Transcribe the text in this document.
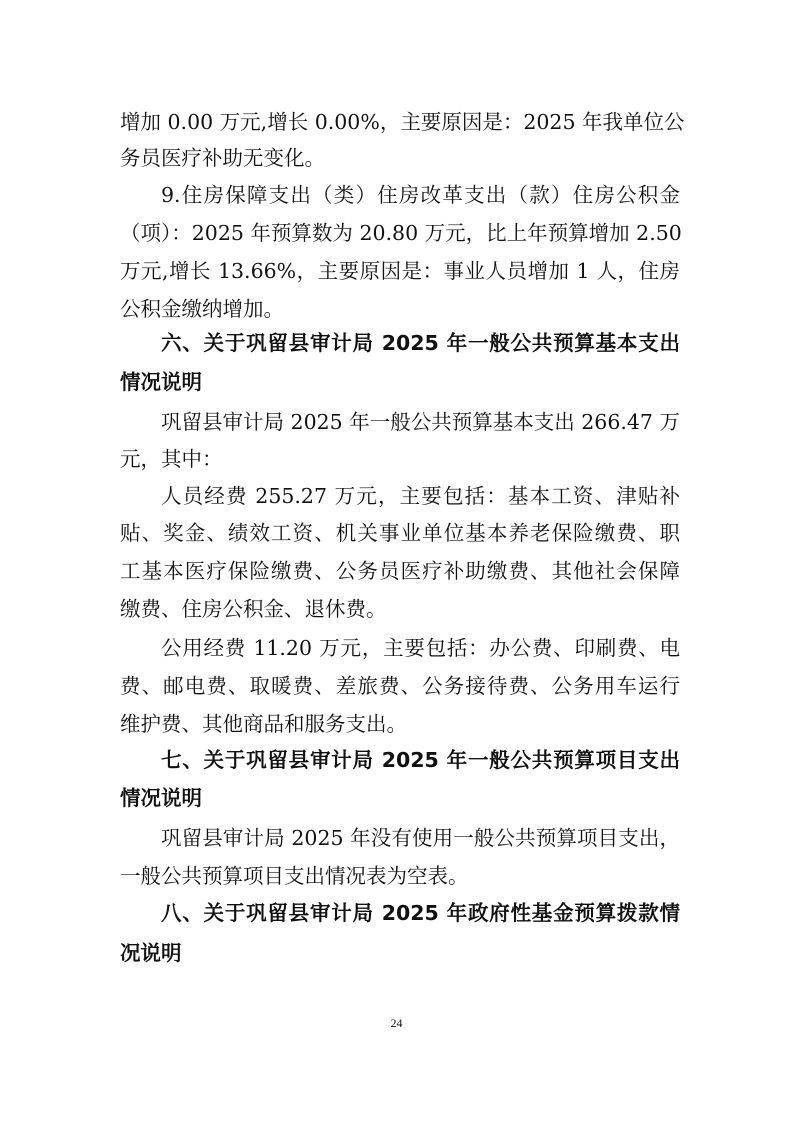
增加 0.00 万元,增长 0.00%，主要原因是：2025 年我单位公
务员医疗补助无变化。
9.住房保障支出（类）住房改革支出（款）住房公积金
（项）：2025 年预算数为 20.80 万元，比上年预算增加 2.50
万元,增长 13.66%，主要原因是：事业人员增加 1 人，住房
公积金缴纳增加。
六、关于巩留县审计局 2025 年一般公共预算基本支出
情况说明
巩留县审计局 2025 年一般公共预算基本支出 266.47 万
元，其中：
人员经费 255.27 万元，主要包括：基本工资、津贴补
贴、奖金、绩效工资、机关事业单位基本养老保险缴费、职
工基本医疗保险缴费、公务员医疗补助缴费、其他社会保障
缴费、住房公积金、退休费。
公用经费 11.20 万元，主要包括：办公费、印刷费、电
费、邮电费、取暖费、差旅费、公务接待费、公务用车运行
维护费、其他商品和服务支出。
七、关于巩留县审计局 2025 年一般公共预算项目支出
情况说明
巩留县审计局 2025 年没有使用一般公共预算项目支出，
一般公共预算项目支出情况表为空表。
八、关于巩留县审计局 2025 年政府性基金预算拨款情
况说明
24
